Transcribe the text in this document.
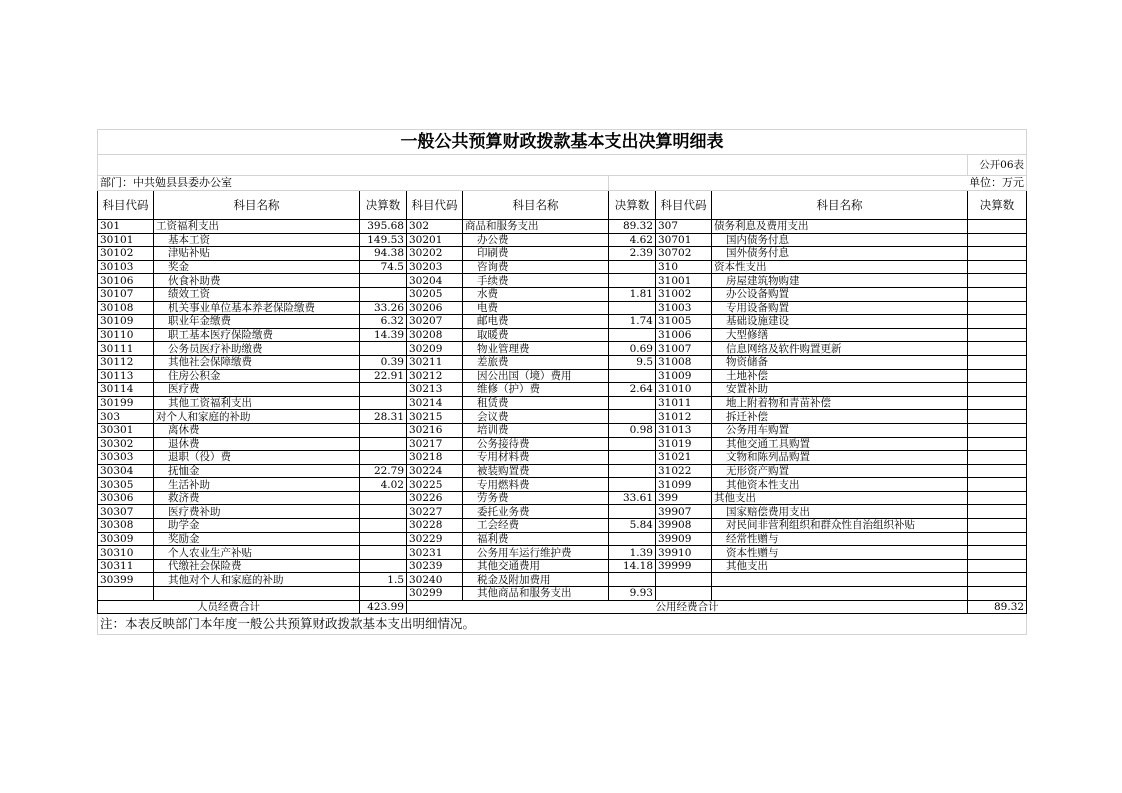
一般公共预算财政拨款基本支出决算明细表								
								公开06表
部门：中共勉县县委办公室					单位：万元			
科目代码	科目名称	决算数	科目代码	科目名称	决算数	科目代码	科目名称	决算数
301	工资福利支出	395.68	302	商品和服务支出	89.32	307	债务利息及费用支出	
30101	基本工资	149.53	30201	办公费	4.62	30701	国内债务付息	
30102	津贴补贴	94.38	30202	印刷费	2.39	30702	国外债务付息	
30103	奖金	74.5	30203	咨询费		310	资本性支出	
30106	伙食补助费		30204	手续费		31001	房屋建筑物购建	
30107	绩效工资		30205	水费	1.81	31002	办公设备购置	
30108	机关事业单位基本养老保险缴费	33.26	30206	电费		31003	专用设备购置	
30109	职业年金缴费	6.32	30207	邮电费	1.74	31005	基础设施建设	
30110	职工基本医疗保险缴费	14.39	30208	取暖费		31006	大型修缮	
30111	公务员医疗补助缴费		30209	物业管理费	0.69	31007	信息网络及软件购置更新	
30112	其他社会保障缴费	0.39	30211	差旅费	9.5	31008	物资储备	
30113	住房公积金	22.91	30212	因公出国（境）费用		31009	土地补偿	
30114	医疗费		30213	维修（护）费	2.64	31010	安置补助	
30199	其他工资福利支出		30214	租赁费		31011	地上附着物和青苗补偿	
303	对个人和家庭的补助	28.31	30215	会议费		31012	拆迁补偿	
30301	离休费		30216	培训费	0.98	31013	公务用车购置	
30302	退休费		30217	公务接待费		31019	其他交通工具购置	
30303	退职（役）费		30218	专用材料费		31021	文物和陈列品购置	
30304	抚恤金	22.79	30224	被装购置费		31022	无形资产购置	
30305	生活补助	4.02	30225	专用燃料费		31099	其他资本性支出	
30306	救济费		30226	劳务费	33.61	399	其他支出	
30307	医疗费补助		30227	委托业务费		39907	国家赔偿费用支出	
30308	助学金		30228	工会经费	5.84	39908	对民间非营利组织和群众性自治组织补贴	
30309	奖励金		30229	福利费		39909	经常性赠与	
30310	个人农业生产补贴		30231	公务用车运行维护费	1.39	39910	资本性赠与	
30311	代缴社会保险费		30239	其他交通费用	14.18	39999	其他支出	
30399	其他对个人和家庭的补助	1.5	30240	税金及附加费用				
			30299	其他商品和服务支出	9.93			
人员经费合计		423.99	公用经费合计					89.32
注：本表反映部门本年度一般公共预算财政拨款基本支出明细情况。								
